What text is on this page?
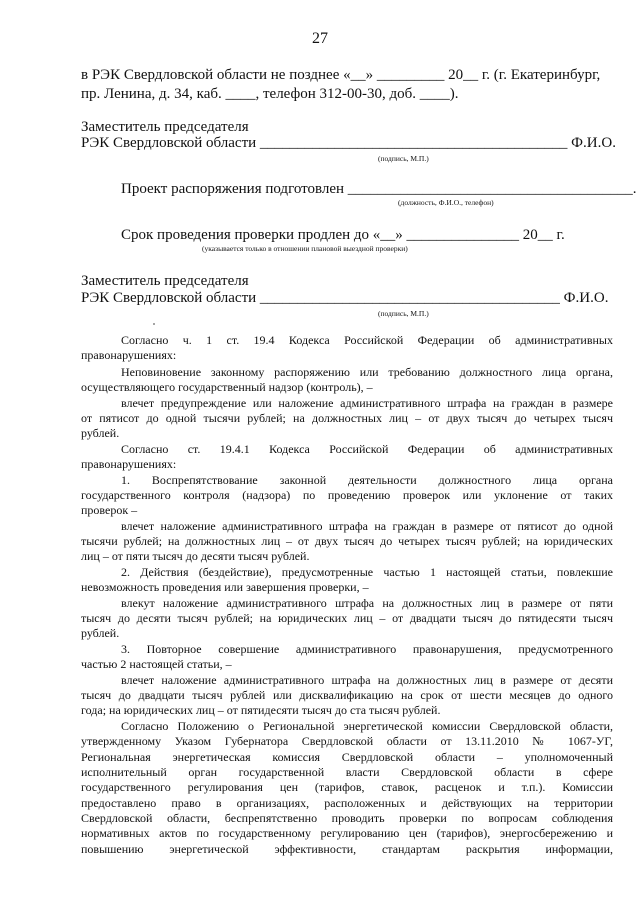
27
в РЭК Свердловской области не позднее «__» _________ 20__ г. (г. Екатеринбург,
пр. Ленина, д. 34, каб. ____, телефон 312-00-30, доб. ____).
Заместитель председателя
РЭК Свердловской области _________________________________________ Ф.И.О.
(подпись, М.П.)
Проект распоряжения подготовлен ______________________________________.
(должность, Ф.И.О., телефон)
Срок проведения проверки продлен до «__» _______________ 20__ г.
(указывается только в отношении плановой выездной проверки)
Заместитель председателя
РЭК Свердловской области ________________________________________ Ф.И.О.
(подпись, М.П.)
Согласно ч. 1 ст. 19.4 Кодекса Российской Федерации об административных
правонарушениях:
Неповиновение законному распоряжению или требованию должностного лица органа,
осуществляющего государственный надзор (контроль), –
влечет предупреждение или наложение административного штрафа на граждан в размере
от пятисот до одной тысячи рублей; на должностных лиц – от двух тысяч до четырех тысяч
рублей.
Согласно ст. 19.4.1 Кодекса Российской Федерации об административных
правонарушениях:
1. Воспрепятствование законной деятельности должностного лица органа
государственного контроля (надзора) по проведению проверок или уклонение от таких
проверок –
влечет наложение административного штрафа на граждан в размере от пятисот до одной
тысячи рублей; на должностных лиц – от двух тысяч до четырех тысяч рублей; на юридических
лиц – от пяти тысяч до десяти тысяч рублей.
2. Действия (бездействие), предусмотренные частью 1 настоящей статьи, повлекшие
невозможность проведения или завершения проверки, –
влекут наложение административного штрафа на должностных лиц в размере от пяти
тысяч до десяти тысяч рублей; на юридических лиц – от двадцати тысяч до пятидесяти тысяч
рублей.
3. Повторное совершение административного правонарушения, предусмотренного
частью 2 настоящей статьи, –
влечет наложение административного штрафа на должностных лиц в размере от десяти
тысяч до двадцати тысяч рублей или дисквалификацию на срок от шести месяцев до одного
года; на юридических лиц – от пятидесяти тысяч до ста тысяч рублей.
Согласно Положению о Региональной энергетической комиссии Свердловской области,
утвержденному Указом Губернатора Свердловской области от 13.11.2010 № 1067-УГ,
Региональная энергетическая комиссия Свердловской области – уполномоченный
исполнительный орган государственной власти Свердловской области в сфере
государственного регулирования цен (тарифов, ставок, расценок и т.п.). Комиссии
предоставлено право в организациях, расположенных и действующих на территории
Свердловской области, беспрепятственно проводить проверки по вопросам соблюдения
нормативных актов по государственному регулированию цен (тарифов), энергосбережению и
повышению энергетической эффективности, стандартам раскрытия информации,
